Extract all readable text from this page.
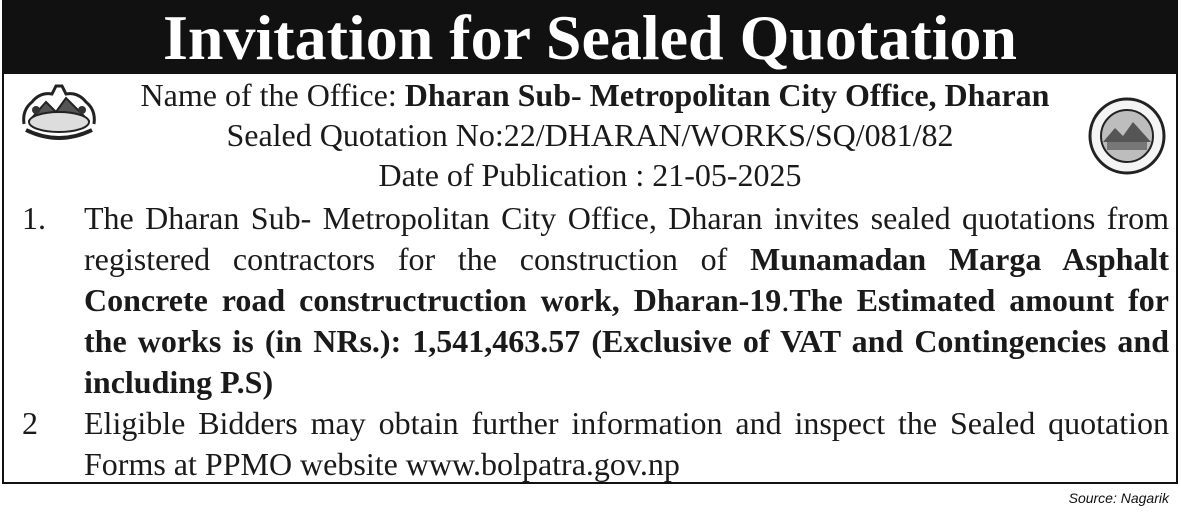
Invitation for Sealed Quotation
Name of the Office: Dharan Sub- Metropolitan City Office, Dharan
Sealed Quotation No:22/DHARAN/WORKS/SQ/081/82
Date of Publication : 21-05-2025
1. The Dharan Sub- Metropolitan City Office, Dharan invites sealed quotations from registered contractors for the construction of Munamadan Marga Asphalt Concrete road constructruction work, Dharan-19.The Estimated amount for the works is (in NRs.): 1,541,463.57 (Exclusive of VAT and Contingencies and including P.S)
2 Eligible Bidders may obtain further information and inspect the Sealed quotation Forms at PPMO website www.bolpatra.gov.np
Source: Nagarik
